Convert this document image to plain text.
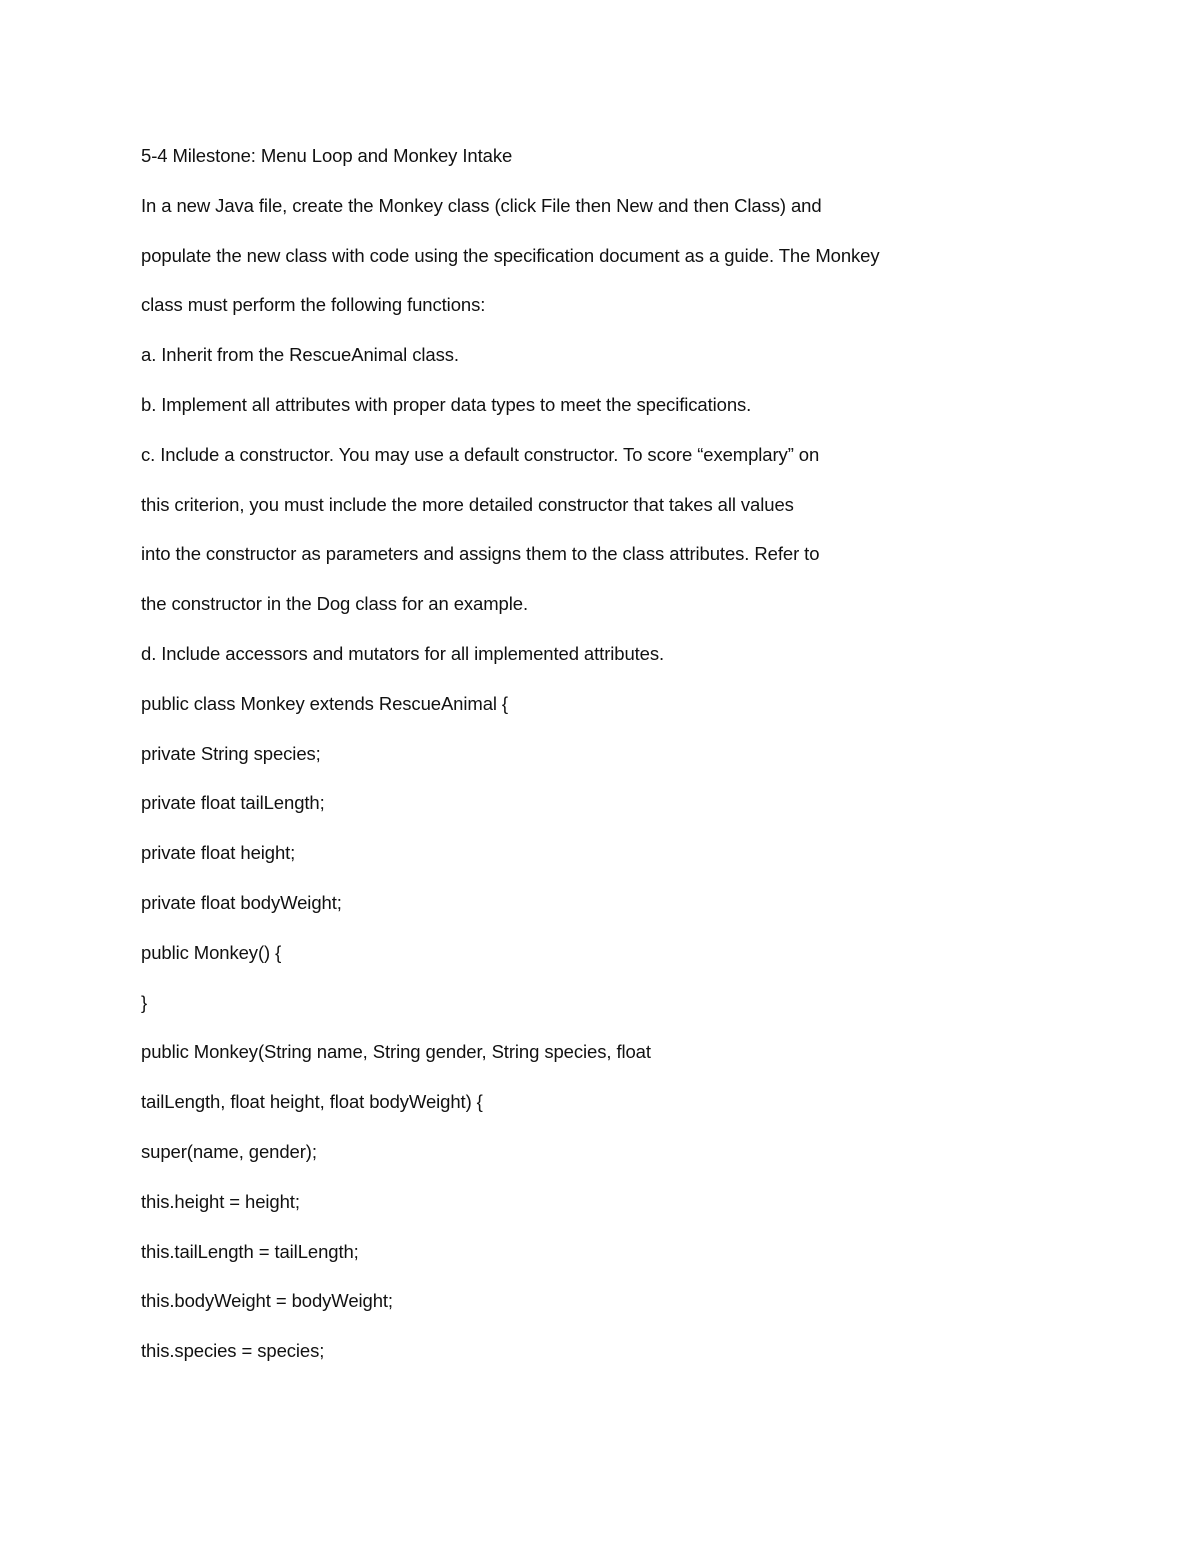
5-4 Milestone: Menu Loop and Monkey Intake
In a new Java file, create the Monkey class (click File then New and then Class) and
populate the new class with code using the specification document as a guide. The Monkey
class must perform the following functions:
a. Inherit from the RescueAnimal class.
b. Implement all attributes with proper data types to meet the specifications.
c. Include a constructor. You may use a default constructor. To score “exemplary” on
this criterion, you must include the more detailed constructor that takes all values
into the constructor as parameters and assigns them to the class attributes. Refer to
the constructor in the Dog class for an example.
d. Include accessors and mutators for all implemented attributes.
public class Monkey extends RescueAnimal {
private String species;
private float tailLength;
private float height;
private float bodyWeight;
public Monkey() {
}
public Monkey(String name, String gender, String species, float
tailLength, float height, float bodyWeight) {
super(name, gender);
this.height = height;
this.tailLength = tailLength;
this.bodyWeight = bodyWeight;
this.species = species;
